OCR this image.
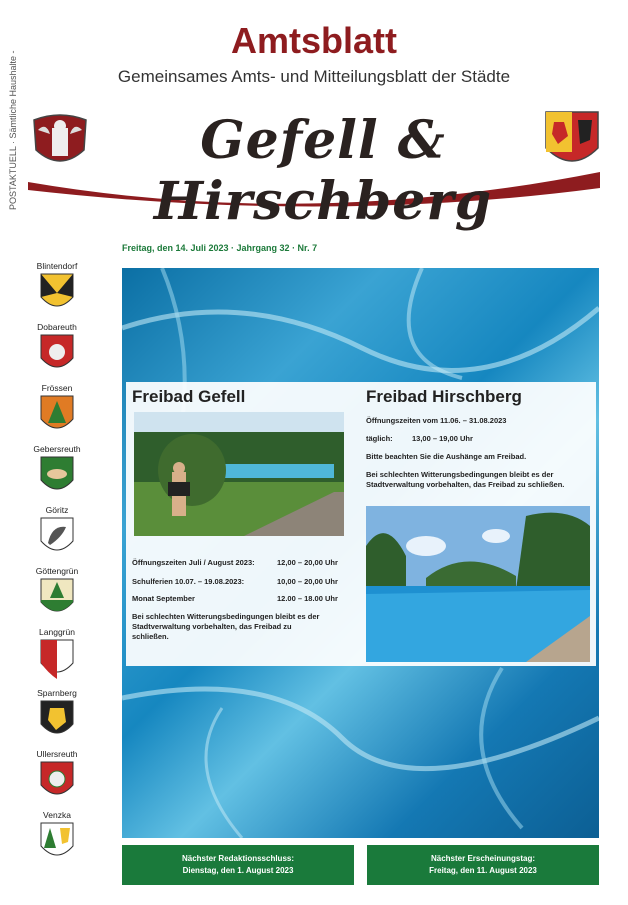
POSTAKTUELL · Sämtliche Haushalte -
Amtsblatt
Gemeinsames Amts- und Mitteilungsblatt der Städte
Gefell & Hirschberg
Freitag, den 14. Juli 2023 · Jahrgang 32 · Nr. 7
Blintendorf
Dobareuth
Frössen
Gebersreuth
Göritz
Göttengrün
Langgrün
Sparnberg
Ullersreuth
Venzka
Freibad Gefell
Öffnungszeiten Juli / August 2023:	12,00 – 20,00 Uhr
Schulferien 10.07. – 19.08.2023:	10,00 – 20,00 Uhr
Monat September	12.00 – 18.00 Uhr
Bei schlechten Witterungsbedingungen bleibt es der Stadtverwaltung vorbehalten, das Freibad zu schließen.
Freibad Hirschberg
Öffnungszeiten vom 11.06. – 31.08.2023
täglich:	13,00 – 19,00 Uhr
Bitte beachten Sie die Aushänge am Freibad.
Bei schlechten Witterungsbedingungen bleibt es der Stadtverwaltung vorbehalten, das Freibad zu schließen.
Nächster Redaktionsschluss:
Dienstag, den 1. August 2023
Nächster Erscheinungstag:
Freitag, den 11. August 2023
